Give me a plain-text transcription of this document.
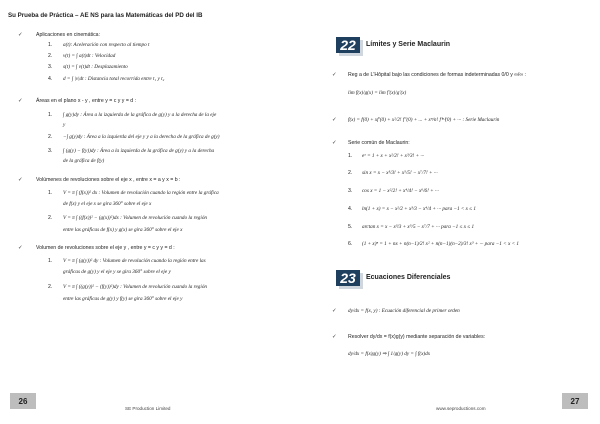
Su Prueba de Práctica – AE NS para las Matemáticas del PD del IB
✓	Aplicaciones en cinemática:
1. a(t): Aceleración con respecto al tiempo t
2. v(t) = ∫ a(t)dt : Velocidad
3. s(t) = ∫ v(t)dt : Desplazamiento
4. d = ∫ |v|dt : Distancia total recorrida entre t₁ y t₂
✓	Áreas en el plano x - y , entre y = c y y = d :
1. ∫ g(y)dy : Área a la izquierda de la gráfica de g(y) y a la derecha de la eje
y
2. −∫ g(y)dy : Área a la izquierda del eje y y a la derecha de la gráfica de g(y)
3. ∫ (g(y) − f(y))dy : Área a la izquierda de la gráfica de g(y) y a la derecha
de la gráfica de f(y)
✓	Volúmenes de revoluciones sobre el eje x , entre x = a y x = b :
1. V = π ∫ (f(x))² dx : Volumen de revolución cuando la región entre la gráfica
de f(x) y el eje x se gira 360° sobre el eje x
2. V = π ∫ ((f(x))² − (g(x))²)dx : Volumen de revolución cuando la región
entre las gráficas de f(x) y g(x) se gira 360° sobre el eje x
✓	Volumen de revoluciones sobre el eje y , entre y = c y y = d :
1. V = π ∫ (g(y))² dy : Volumen de revolución cuando la región entre las
gráficas de g(y) y el eje y se gira 360° sobre el eje y
2. V = π ∫ ((g(y))² − (f(y))²)dy : Volumen de revolución cuando la región
entre las gráficas de g(y) y f(y) se gira 360° sobre el eje y
26
SE Production Limited
22	Límites y Serie Maclaurin
✓ Reg a de L'Hôpital bajo las condiciones de formas indeterminadas 0/0 y ∞/∞ :
lim f(x)/g(x) = lim f′(x)/g′(x)
✓ f(x) = f(0) + xf′(0) + x²/2! f″(0) + ... + xⁿ/n! f⁽ⁿ⁾(0) + ··· : Serie Maclaurin
✓ Serie común de Maclaurin:
1. eˣ = 1 + x + x²/2! + x³/3! + ···
2. sin x = x − x³/3! + x⁵/5! − x⁷/7! + ···
3. cos x = 1 − x²/2! + x⁴/4! − x⁶/6! + ···
4. ln(1 + x) = x − x²/2 + x³/3 − x⁴/4 + ··· para −1 < x ≤ 1
5. arctan x = x − x³/3 + x⁵/5 − x⁷/7 + ··· para −1 ≤ x ≤ 1
6. (1 + x)ⁿ = 1 + nx + n(n−1)/2! x² + n(n−1)(n−2)/3! x³ + ··· para −1 < x < 1
23	Ecuaciones Diferenciales
✓ dy/dx = f(x, y) : Ecuación diferencial de primer orden
✓ Resolver dy/dx = f(x)g(y) mediante separación de variables:
dy/dx = f(x)g(y) ⇒ ∫ 1/g(y) dy = ∫ f(x)dx
27
www.seproductions.com
